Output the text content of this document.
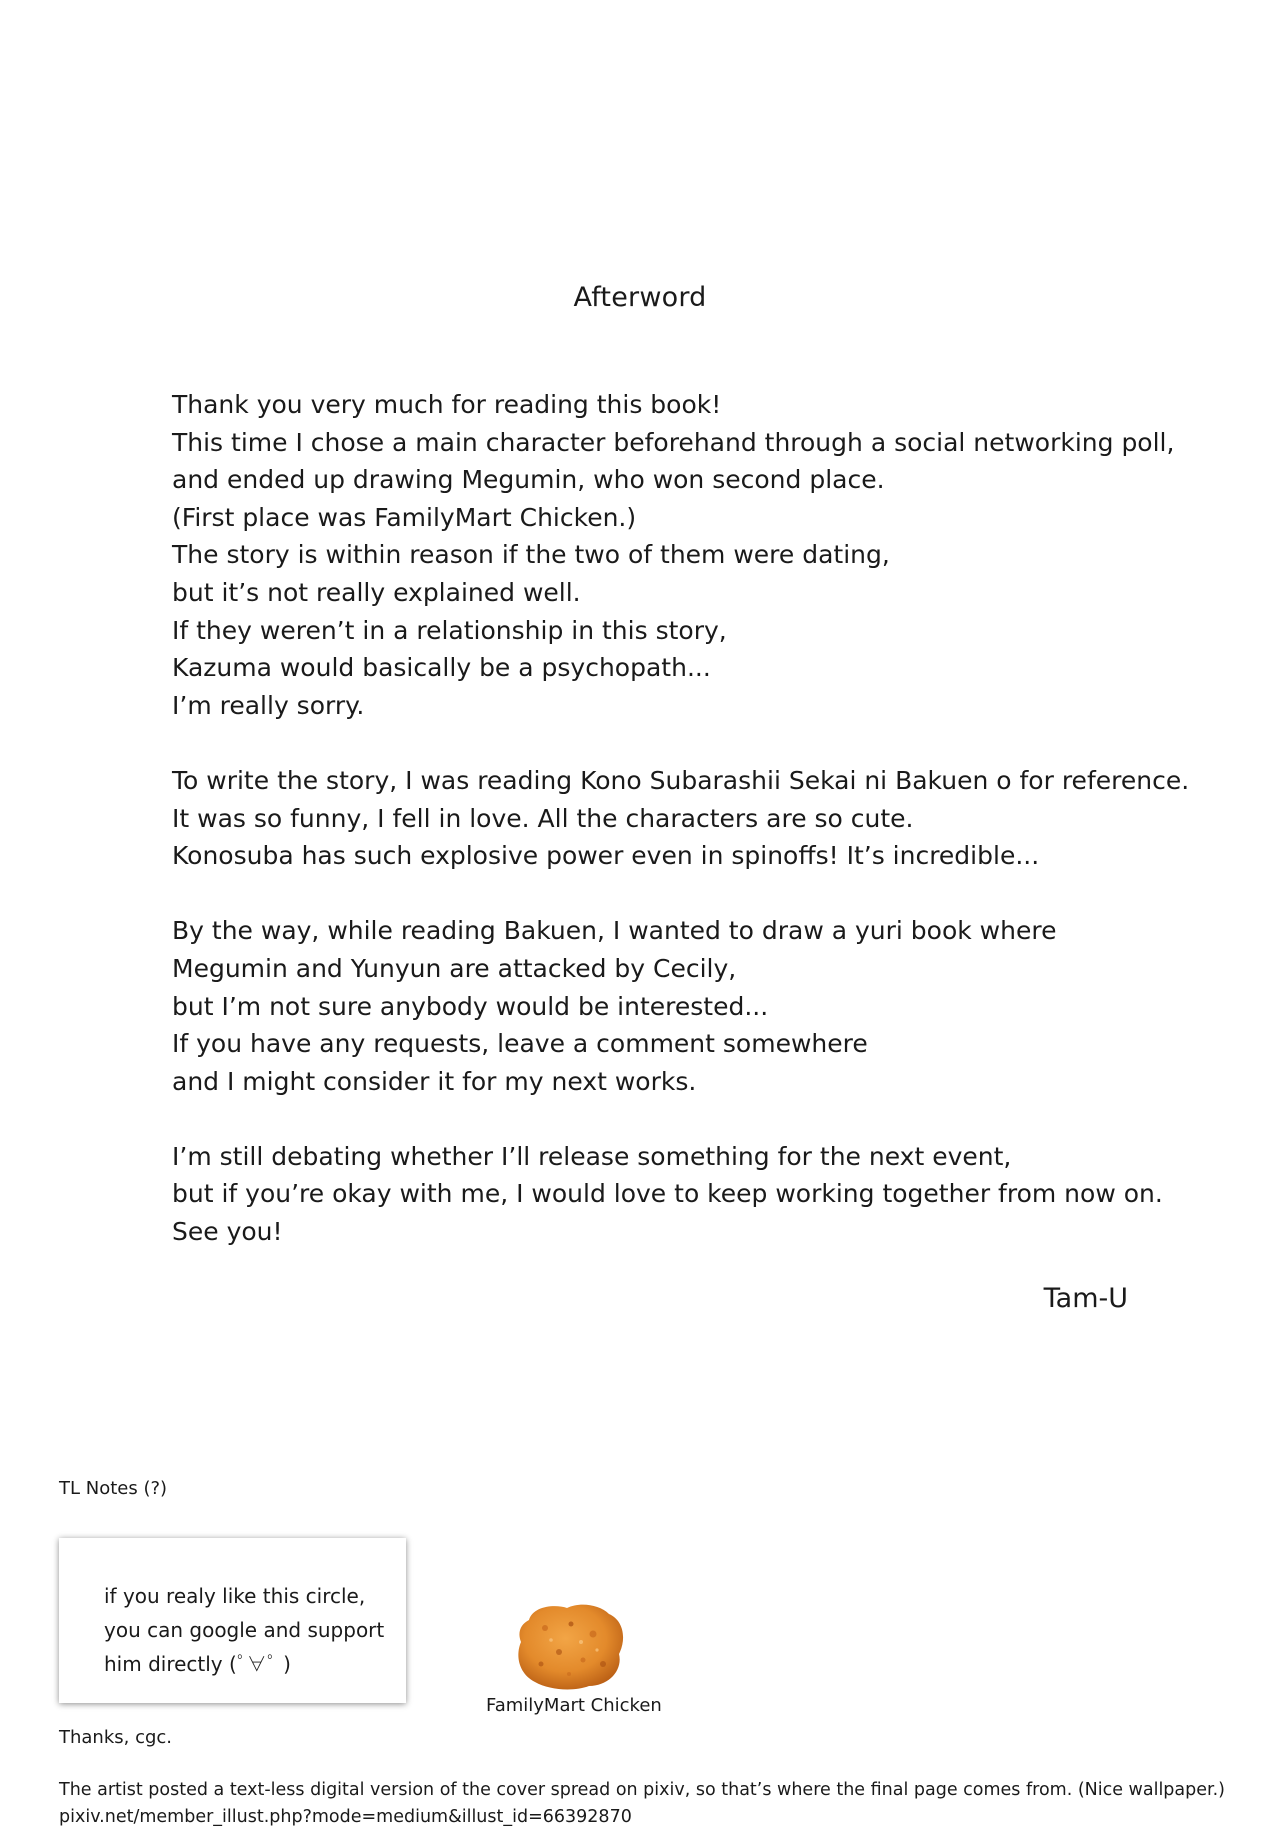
Afterword
Thank you very much for reading this book!
This time I chose a main character beforehand through a social networking poll,
and ended up drawing Megumin, who won second place.
(First place was FamilyMart Chicken.)
The story is within reason if the two of them were dating,
but it’s not really explained well.
If they weren’t in a relationship in this story,
Kazuma would basically be a psychopath...
I’m really sorry.
To write the story, I was reading Kono Subarashii Sekai ni Bakuen o for reference.
It was so funny, I fell in love. All the characters are so cute.
Konosuba has such explosive power even in spinoffs! It’s incredible...
By the way, while reading Bakuen, I wanted to draw a yuri book where
Megumin and Yunyun are attacked by Cecily,
but I’m not sure anybody would be interested...
If you have any requests, leave a comment somewhere
and I might consider it for my next works.
I’m still debating whether I’ll release something for the next event,
but if you’re okay with me, I would love to keep working together from now on.
See you!
Tam-U
TL Notes (?)
if you realy like this circle,
you can google and support
him directly (ﾟ∀ﾟ )
FamilyMart Chicken
Thanks, cgc.
The artist posted a text-less digital version of the cover spread on pixiv, so that’s where the final page comes from. (Nice wallpaper.)
pixiv.net/member_illust.php?mode=medium&illust_id=66392870
